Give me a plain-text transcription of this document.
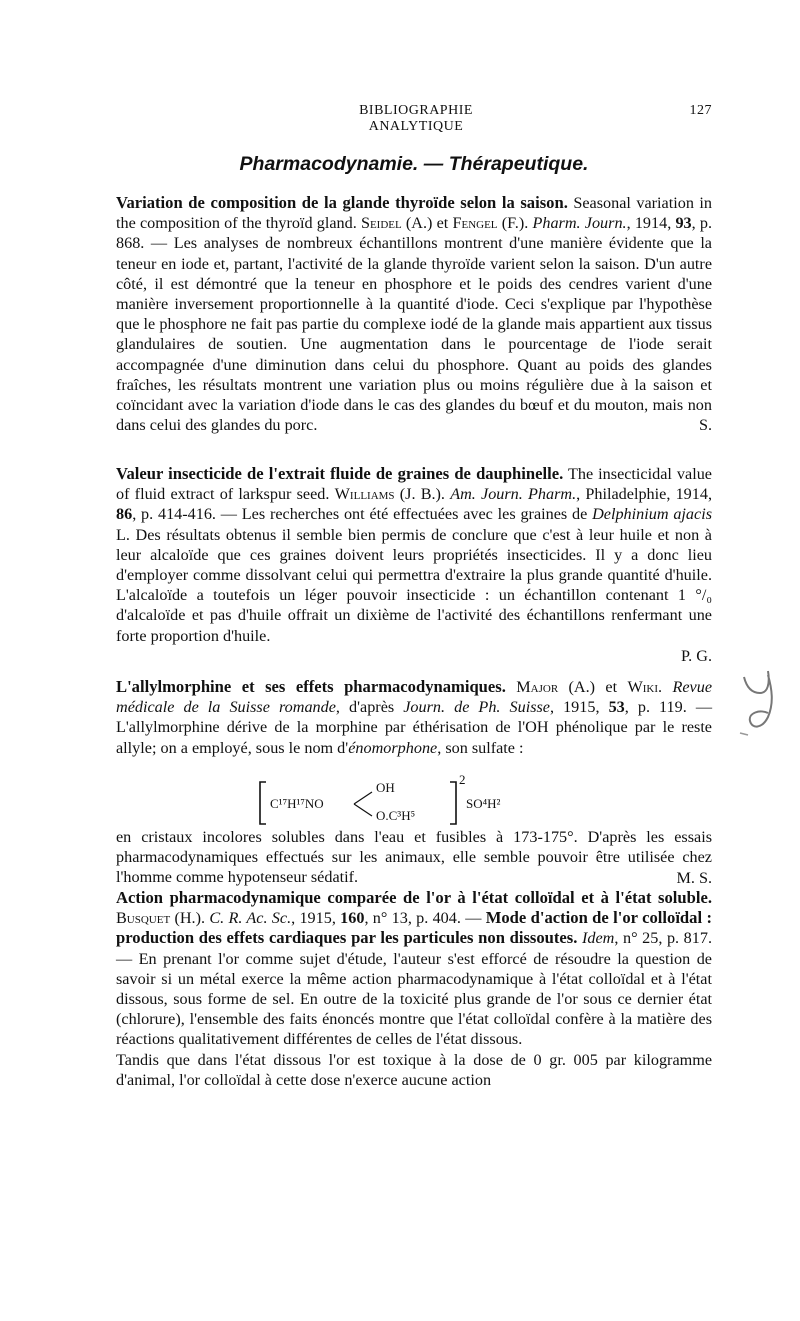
BIBLIOGRAPHIE ANALYTIQUE
127
Pharmacodynamie. — Thérapeutique.
Variation de composition de la glande thyroïde selon la saison. Seasonal variation in the composition of the thyroïd gland. Seidel (A.) et Fengel (F.). Pharm. Journ., 1914, 93, p. 868. — Les analyses de nombreux échantillons montrent d'une manière évidente que la teneur en iode et, partant, l'activité de la glande thyroïde varient selon la saison. D'un autre côté, il est démontré que la teneur en phosphore et le poids des cendres varient d'une manière inversement proportionnelle à la quantité d'iode. Ceci s'explique par l'hypothèse que le phosphore ne fait pas partie du complexe iodé de la glande mais appartient aux tissus glandulaires de soutien. Une augmentation dans le pourcentage de l'iode serait accompagnée d'une diminution dans celui du phosphore. Quant au poids des glandes fraîches, les résultats montrent une variation plus ou moins régulière due à la saison et coïncidant avec la variation d'iode dans le cas des glandes du bœuf et du mouton, mais non dans celui des glandes du porc.	S.
Valeur insecticide de l'extrait fluide de graines de dauphinelle. The insecticidal value of fluid extract of larkspur seed. Williams (J. B.). Am. Journ. Pharm., Philadelphie, 1914, 86, p. 414-416. — Les recherches ont été effectuées avec les graines de Delphinium ajacis L. Des résultats obtenus il semble bien permis de conclure que c'est à leur huile et non à leur alcaloïde que ces graines doivent leurs propriétés insecticides. Il y a donc lieu d'employer comme dissolvant celui qui permettra d'extraire la plus grande quantité d'huile. L'alcaloïde a toutefois un léger pouvoir insecticide : un échantillon contenant 1 °/₀ d'alcaloïde et pas d'huile offrait un dixième de l'activité des échantillons renfermant une forte proportion d'huile.
P. G.
L'allylmorphine et ses effets pharmacodynamiques. Major (A.) et Wiki. Revue médicale de la Suisse romande, d'après Journ. de Ph. Suisse, 1915, 53, p. 119. — L'allylmorphine dérive de la morphine par éthérisation de l'OH phénolique par le reste allyle; on a employé, sous le nom d'énomorphone, son sulfate :
C¹⁷H¹⁷NO
OH
O.C³H⁵
2
SO⁴H²
en cristaux incolores solubles dans l'eau et fusibles à 173-175°. D'après les essais pharmacodynamiques effectués sur les animaux, elle semble pouvoir être utilisée chez l'homme comme hypotenseur sédatif.	M. S.
Action pharmacodynamique comparée de l'or à l'état colloïdal et à l'état soluble. Busquet (H.). C. R. Ac. Sc., 1915, 160, n° 13, p. 404. — Mode d'action de l'or colloïdal : production des effets cardiaques par les particules non dissoutes. Idem, n° 25, p. 817. — En prenant l'or comme sujet d'étude, l'auteur s'est efforcé de résoudre la question de savoir si un métal exerce la même action pharmacodynamique à l'état colloïdal et à l'état dissous, sous forme de sel. En outre de la toxicité plus grande de l'or sous ce dernier état (chlorure), l'ensemble des faits énoncés montre que l'état colloïdal confère à la matière des réactions qualitativement différentes de celles de l'état dissous.
Tandis que dans l'état dissous l'or est toxique à la dose de 0 gr. 005 par kilogramme d'animal, l'or colloïdal à cette dose n'exerce aucune action
